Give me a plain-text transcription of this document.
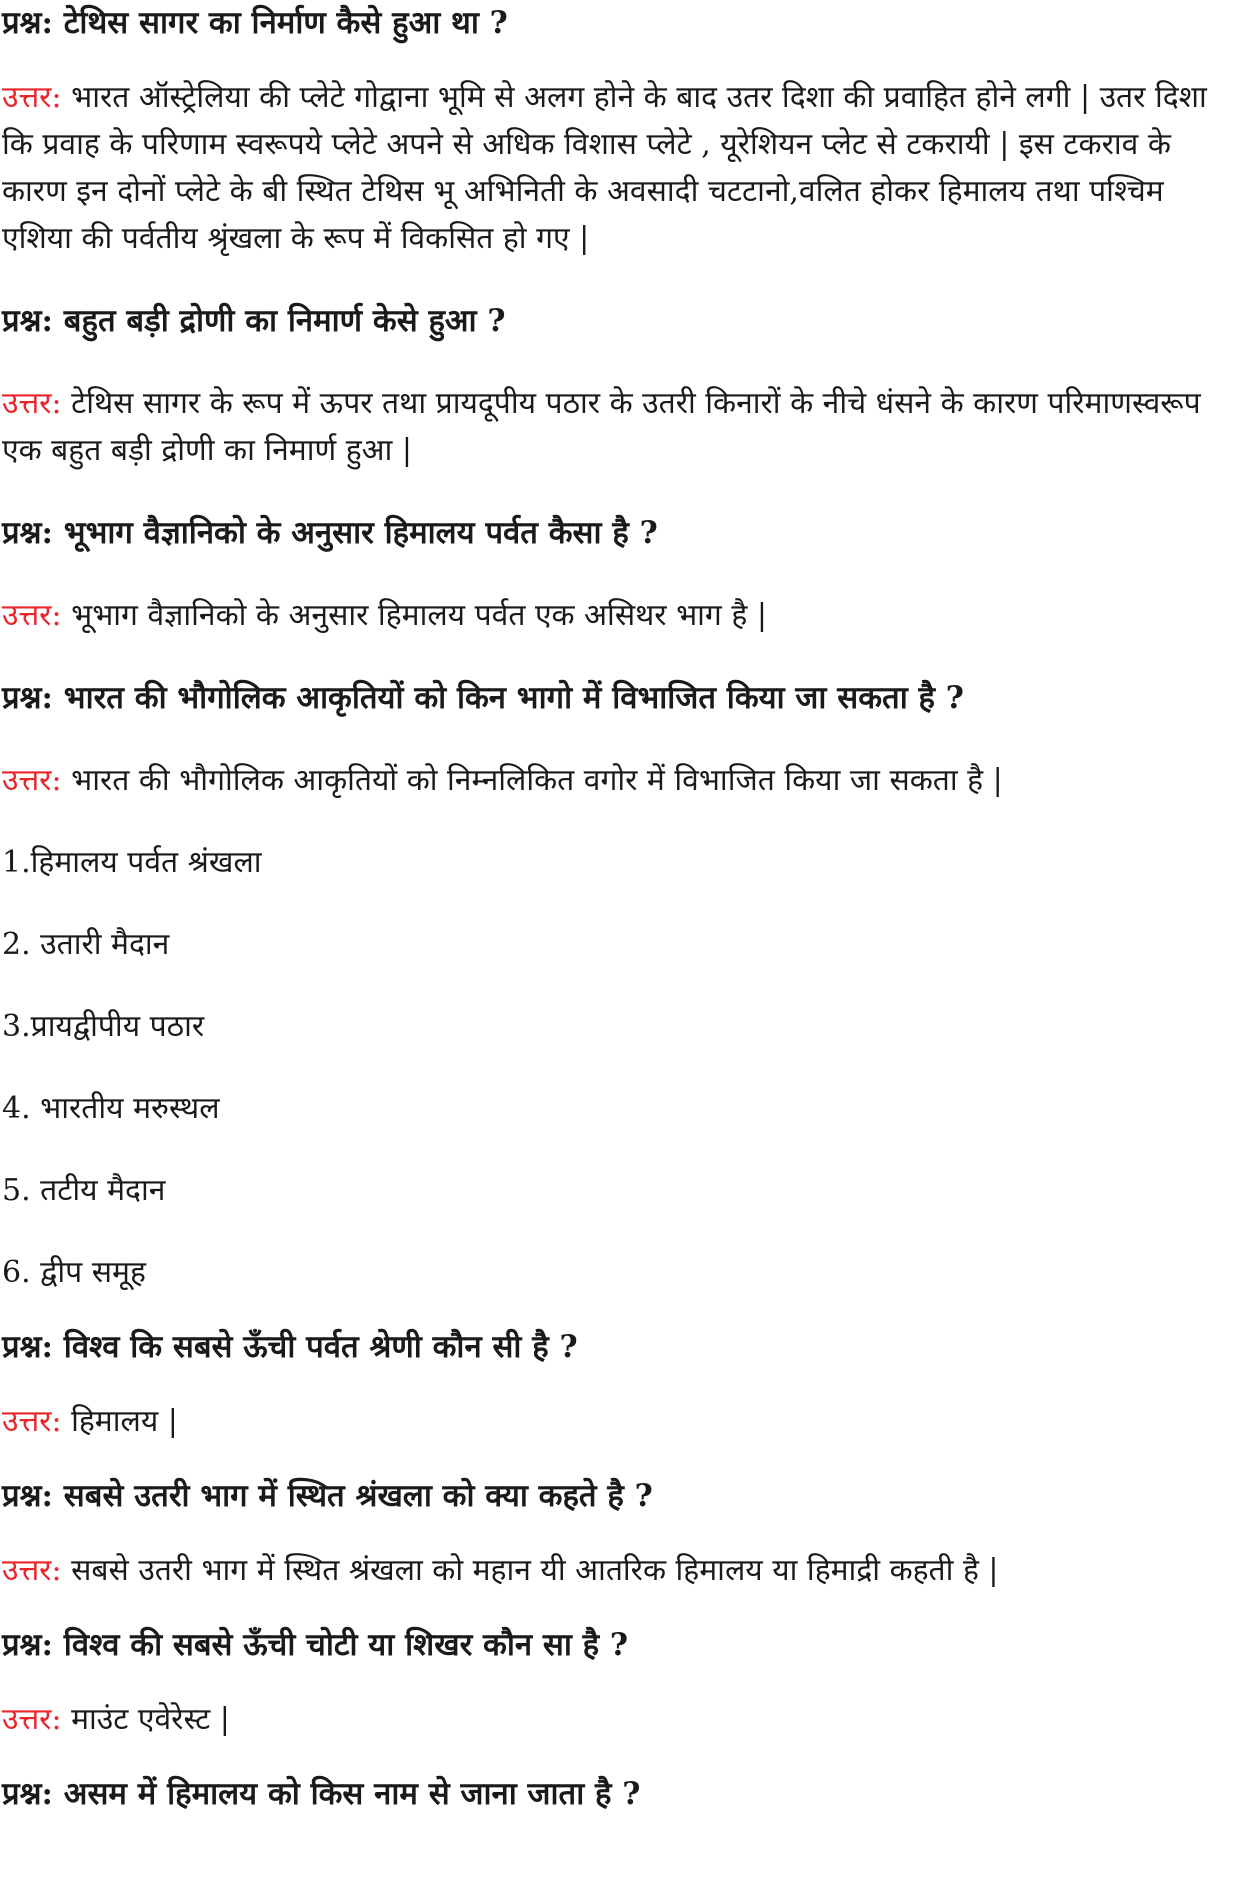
प्रश्न: टेथिस सागर का निर्माण कैसे हुआ था ?

उत्तर: भारत ऑस्ट्रेलिया की प्लेटे गोद्वाना भूमि से अलग होने के बाद उतर दिशा की प्रवाहित होने लगी | उतर दिशा कि प्रवाह के परिणाम स्वरूपये प्लेटे अपने से अधिक विशास प्लेटे , यूरेशियन प्लेट से टकरायी | इस टकराव के कारण इन दोनों प्लेटे के बी स्थित टेथिस भू अभिनिती के अवसादी चटटानो,वलित होकर हिमालय तथा पश्चिम एशिया की पर्वतीय श्रृंखला के रूप में विकसित हो गए |

प्रश्न: बहुत बड़ी द्रोणी का निमार्ण केसे हुआ ?

उत्तर: टेथिस सागर के रूप में ऊपर तथा प्रायदूपीय पठार के उतरी किनारों के नीचे धंसने के कारण परिमाणस्वरूप एक बहुत बड़ी द्रोणी का निमार्ण हुआ |

प्रश्न: भूभाग वैज्ञानिको के अनुसार हिमालय पर्वत कैसा है ?

उत्तर: भूभाग वैज्ञानिको के अनुसार हिमालय पर्वत एक असिथर भाग है |

प्रश्न: भारत की भौगोलिक आकृतियों को किन भागो में विभाजित किया जा सकता है ?

उत्तर: भारत की भौगोलिक आकृतियों को निम्नलिकित वगोर में विभाजित किया जा सकता है |

1.हिमालय पर्वत श्रंखला

2. उतारी मैदान

3.प्रायद्वीपीय पठार

4. भारतीय मरुस्थल

5. तटीय मैदान

6. द्वीप समूह

प्रश्न: विश्व कि सबसे ऊँची पर्वत श्रेणी कौन सी है ?

उत्तर: हिमालय |

प्रश्न: सबसे उतरी भाग में स्थित श्रंखला को क्या कहते है ?

उत्तर: सबसे उतरी भाग में स्थित श्रंखला को महान यी आतरिक हिमालय या हिमाद्री कहती है |

प्रश्न: विश्व की सबसे ऊँची चोटी या शिखर कौन सा है ?

उत्तर: माउंट एवेरेस्ट |

प्रश्न: असम में हिमालय को किस नाम से जाना जाता है ?
